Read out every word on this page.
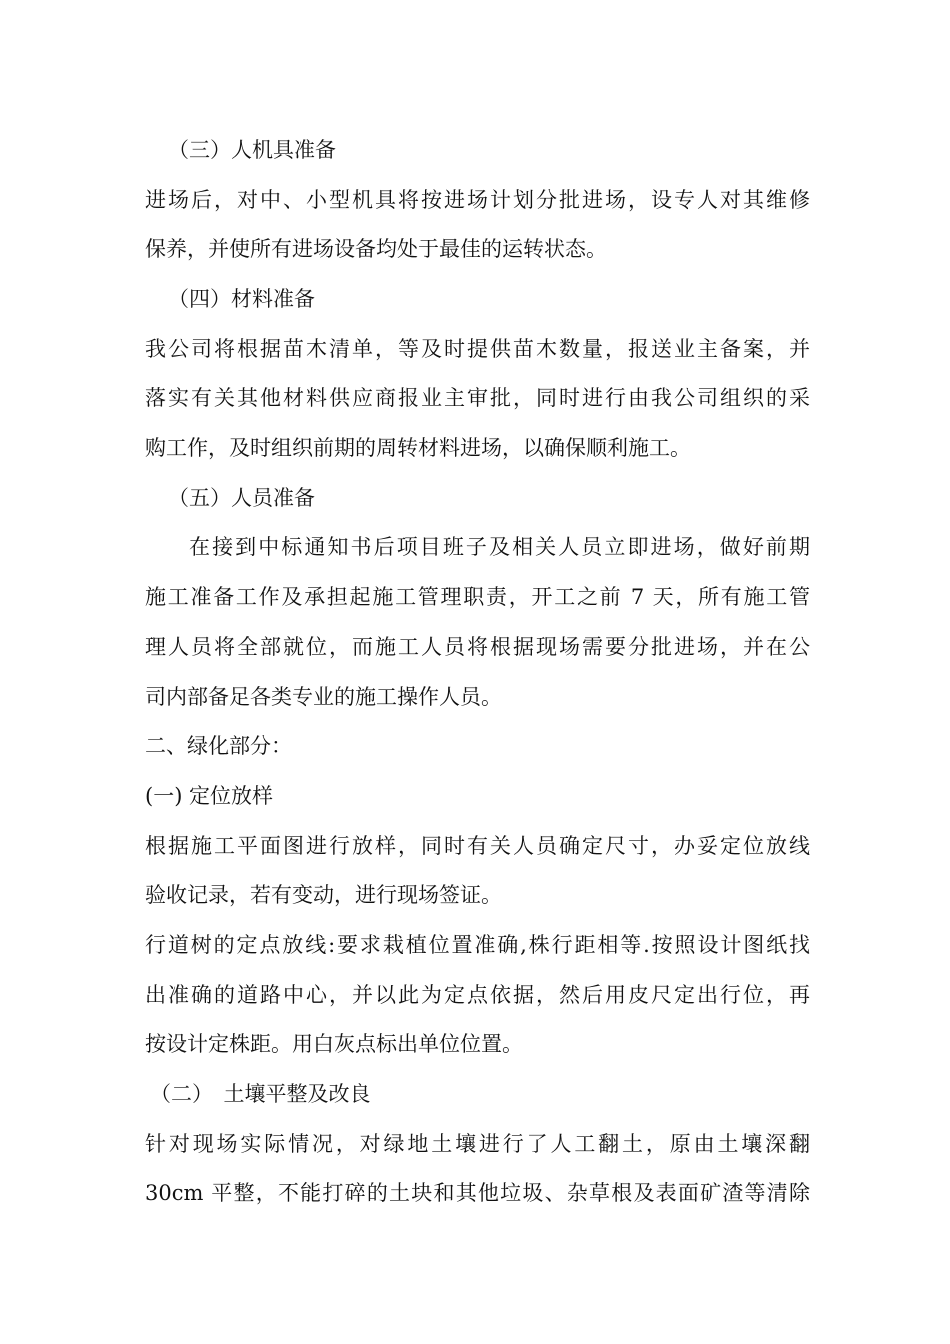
（三）人机具准备
进场后，对中、小型机具将按进场计划分批进场，设专人对其维修
保养，并使所有进场设备均处于最佳的运转状态。
（四）材料准备
我公司将根据苗木清单，等及时提供苗木数量，报送业主备案，并
落实有关其他材料供应商报业主审批，同时进行由我公司组织的采
购工作，及时组织前期的周转材料进场，以确保顺利施工。
（五）人员准备
在接到中标通知书后项目班子及相关人员立即进场，做好前期
施工准备工作及承担起施工管理职责，开工之前 7 天，所有施工管
理人员将全部就位，而施工人员将根据现场需要分批进场，并在公
司内部备足各类专业的施工操作人员。
二、绿化部分：
(一) 定位放样
根据施工平面图进行放样，同时有关人员确定尺寸，办妥定位放线
验收记录，若有变动，进行现场签证。
行道树的定点放线:要求栽植位置准确,株行距相等.按照设计图纸找
出准确的道路中心，并以此为定点依据，然后用皮尺定出行位，再
按设计定株距。用白灰点标出单位位置。
（二）　土壤平整及改良
针对现场实际情况，对绿地土壤进行了人工翻土，原由土壤深翻
30cm 平整，不能打碎的土块和其他垃圾、杂草根及表面矿渣等清除
